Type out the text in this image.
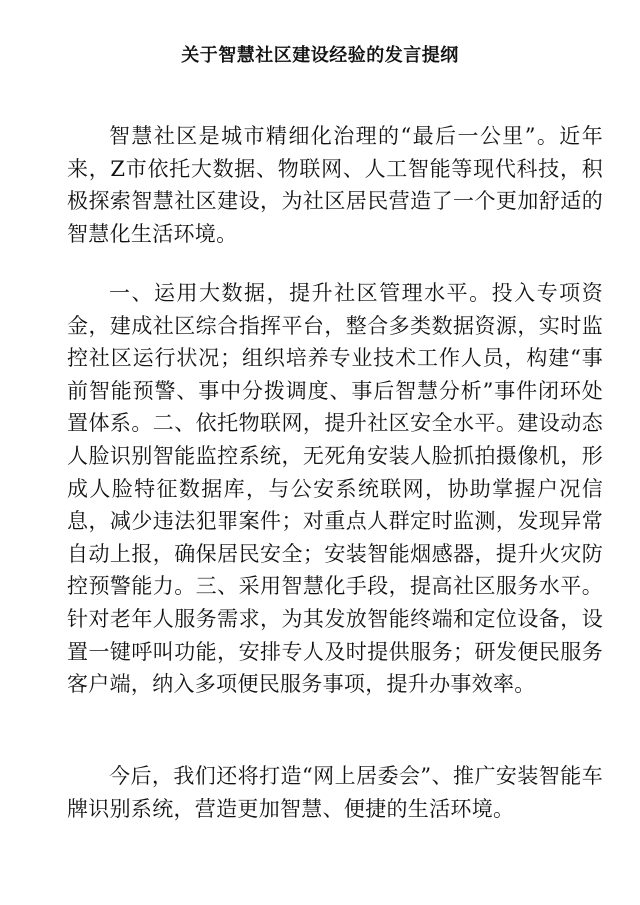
关于智慧社区建设经验的发言提纲

智慧社区是城市精细化治理的“最后一公里”。近年来，Z市依托大数据、物联网、人工智能等现代科技，积极探索智慧社区建设，为社区居民营造了一个更加舒适的智慧化生活环境。

一、运用大数据，提升社区管理水平。投入专项资金，建成社区综合指挥平台，整合多类数据资源，实时监控社区运行状况；组织培养专业技术工作人员，构建“事前智能预警、事中分拨调度、事后智慧分析”事件闭环处置体系。二、依托物联网，提升社区安全水平。建设动态人脸识别智能监控系统，无死角安装人脸抓拍摄像机，形成人脸特征数据库，与公安系统联网，协助掌握户况信息，减少违法犯罪案件；对重点人群定时监测，发现异常自动上报，确保居民安全；安装智能烟感器，提升火灾防控预警能力。三、采用智慧化手段，提高社区服务水平。针对老年人服务需求，为其发放智能终端和定位设备，设置一键呼叫功能，安排专人及时提供服务；研发便民服务客户端，纳入多项便民服务事项，提升办事效率。

今后，我们还将打造“网上居委会”、推广安装智能车牌识别系统，营造更加智慧、便捷的生活环境。
